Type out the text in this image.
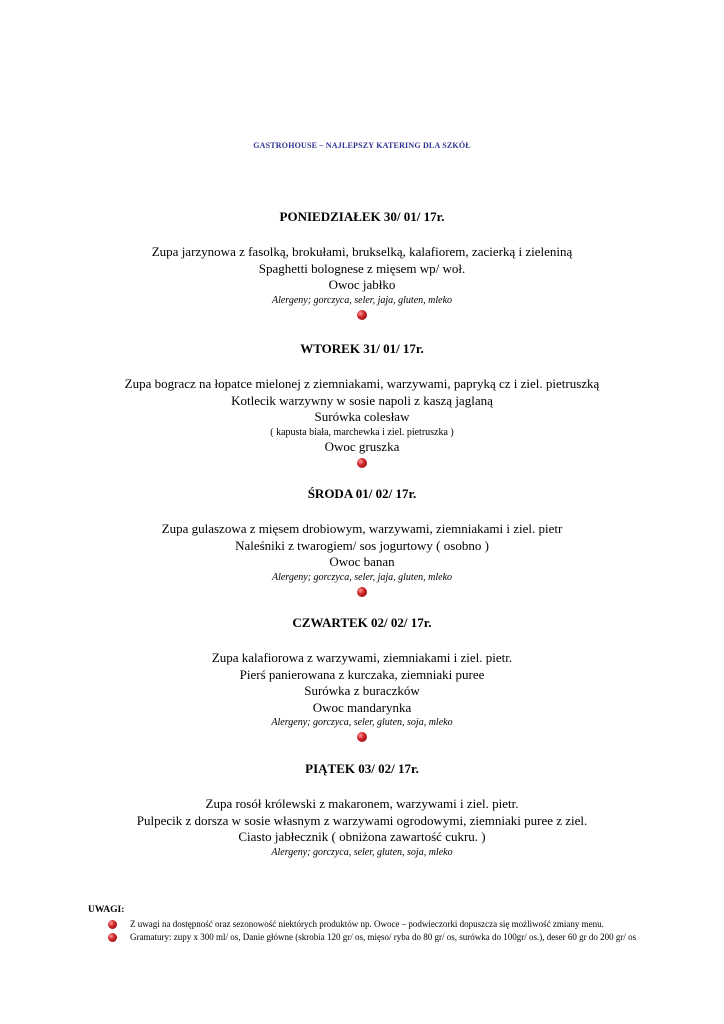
GASTROHOUSE – NAJLEPSZY KATERING DLA SZKÓŁ
PONIEDZIAŁEK 30/ 01/ 17r.
Zupa jarzynowa z fasolką, brokułami, brukselką, kalafiorem, zacierką i zieleniną
Spaghetti bolognese z mięsem wp/ woł.
Owoc jabłko
Alergeny; gorczyca, seler, jaja, gluten, mleko
WTOREK 31/ 01/ 17r.
Zupa bogracz na łopatce mielonej z ziemniakami, warzywami, papryką cz i ziel. pietruszką
Kotlecik warzywny w sosie napoli z kaszą jaglaną
Surówka colesław
( kapusta biała, marchewka i ziel. pietruszka )
Owoc gruszka
ŚRODA 01/ 02/ 17r.
Zupa gulaszowa z mięsem drobiowym, warzywami, ziemniakami i ziel. pietr
Naleśniki z twarogiem/ sos jogurtowy ( osobno )
Owoc banan
Alergeny; gorczyca, seler, jaja, gluten, mleko
CZWARTEK 02/ 02/ 17r.
Zupa kalafiorowa z warzywami, ziemniakami i ziel. pietr.
Pierś panierowana z kurczaka, ziemniaki puree
Surówka z buraczków
Owoc mandarynka
Alergeny; gorczyca, seler, gluten, soja, mleko
PIĄTEK 03/ 02/ 17r.
Zupa rosół królewski z makaronem, warzywami i ziel. pietr.
Pulpecik z dorsza w sosie własnym z warzywami ogrodowymi, ziemniaki puree z ziel.
Ciasto jabłecznik ( obniżona zawartość cukru. )
Alergeny; gorczyca, seler, gluten, soja, mleko
UWAGI:
Z uwagi na dostępność oraz sezonowość niektórych produktów np. Owoce – podwieczorki dopuszcza się możliwość zmiany menu.
Gramatury: zupy x 300 ml/ os, Danie główne (skrobia 120 gr/ os, mięso/ ryba do 80 gr/ os, surówka do 100gr/ os.), deser 60 gr do 200 gr/ os
